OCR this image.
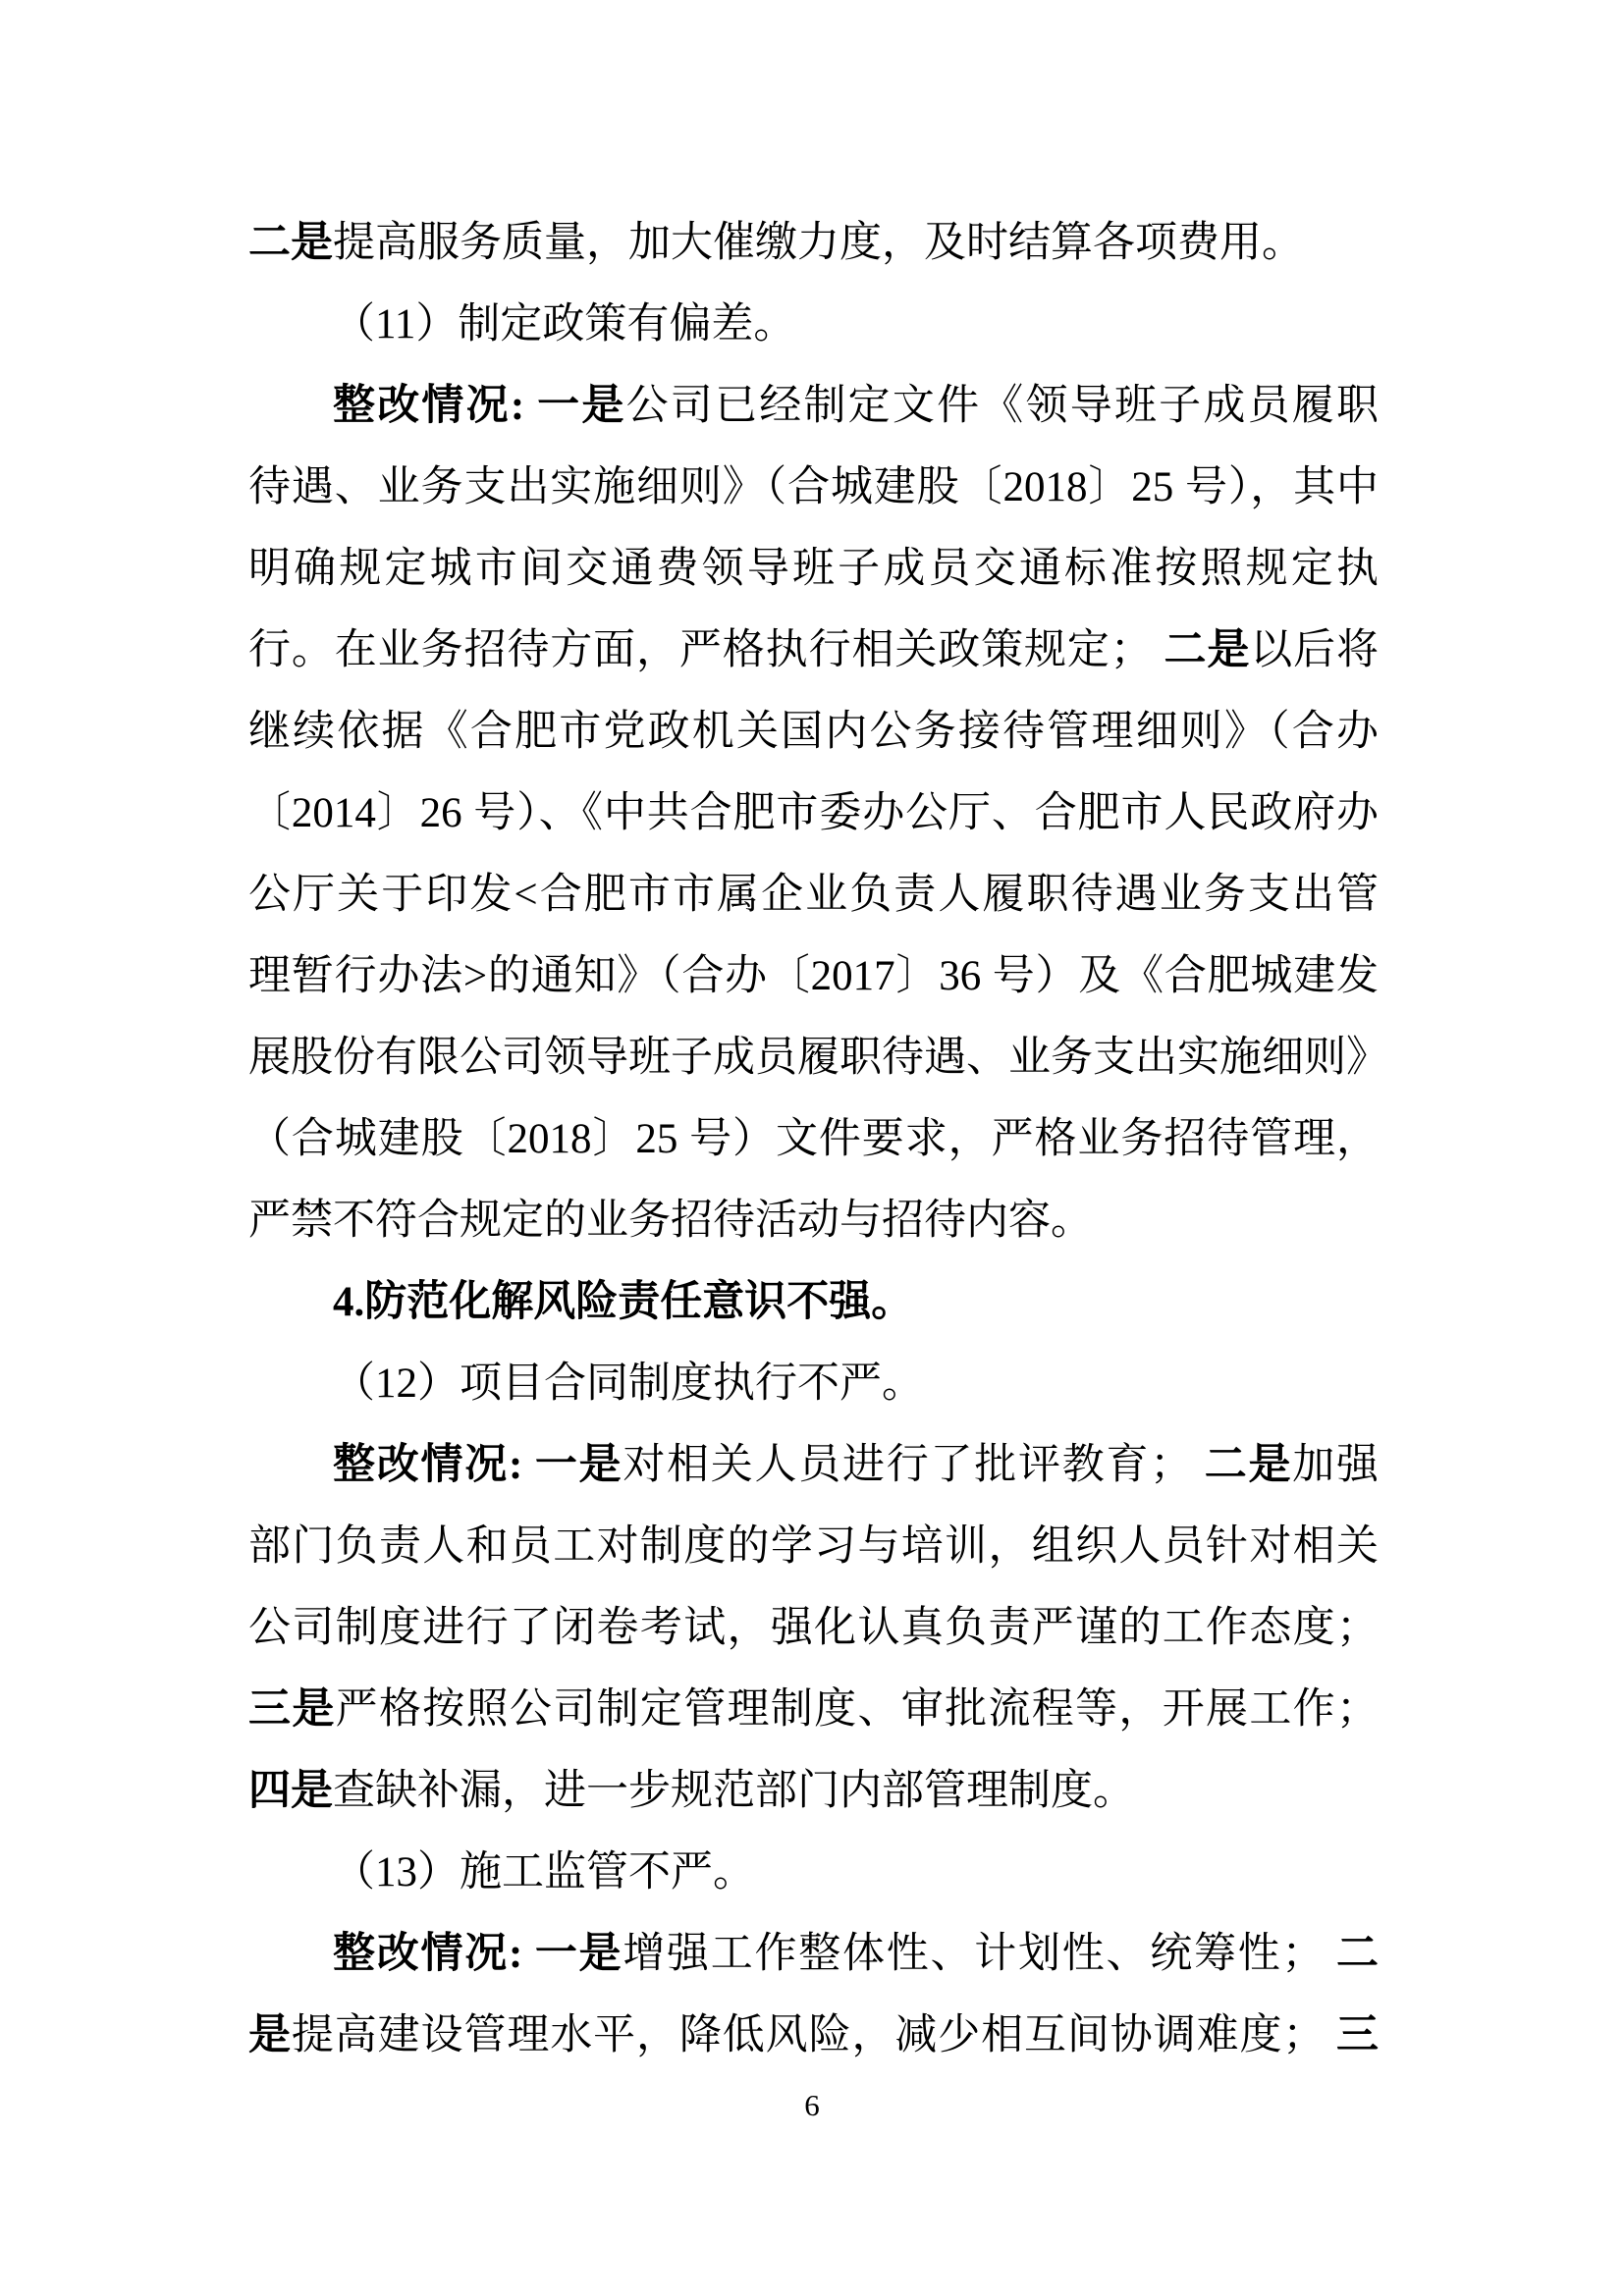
二是提高服务质量，加大催缴力度，及时结算各项费用。
（11）制定政策有偏差。
整改情况: 一是公司已经制定文件《领导班子成员履职
待遇、业务支出实施细则》（合城建股〔2018〕25 号），其中
明确规定城市间交通费领导班子成员交通标准按照规定执
行。在业务招待方面，严格执行相关政策规定； 二是以后将
继续依据《合肥市党政机关国内公务接待管理细则》（合办
〔2014〕26 号）、《中共合肥市委办公厅、合肥市人民政府办
公厅关于印发<合肥市市属企业负责人履职待遇业务支出管
理暂行办法>的通知》（合办〔2017〕36 号）及《合肥城建发
展股份有限公司领导班子成员履职待遇、业务支出实施细则》
（合城建股〔2018〕25 号）文件要求，严格业务招待管理，
严禁不符合规定的业务招待活动与招待内容。
4.防范化解风险责任意识不强。
（12）项目合同制度执行不严。
整改情况: 一是对相关人员进行了批评教育； 二是加强
部门负责人和员工对制度的学习与培训，组织人员针对相关
公司制度进行了闭卷考试，强化认真负责严谨的工作态度；
三是严格按照公司制定管理制度、审批流程等，开展工作；
四是查缺补漏，进一步规范部门内部管理制度。
（13）施工监管不严。
整改情况: 一是增强工作整体性、计划性、统筹性； 二
是提高建设管理水平，降低风险，减少相互间协调难度； 三
6
